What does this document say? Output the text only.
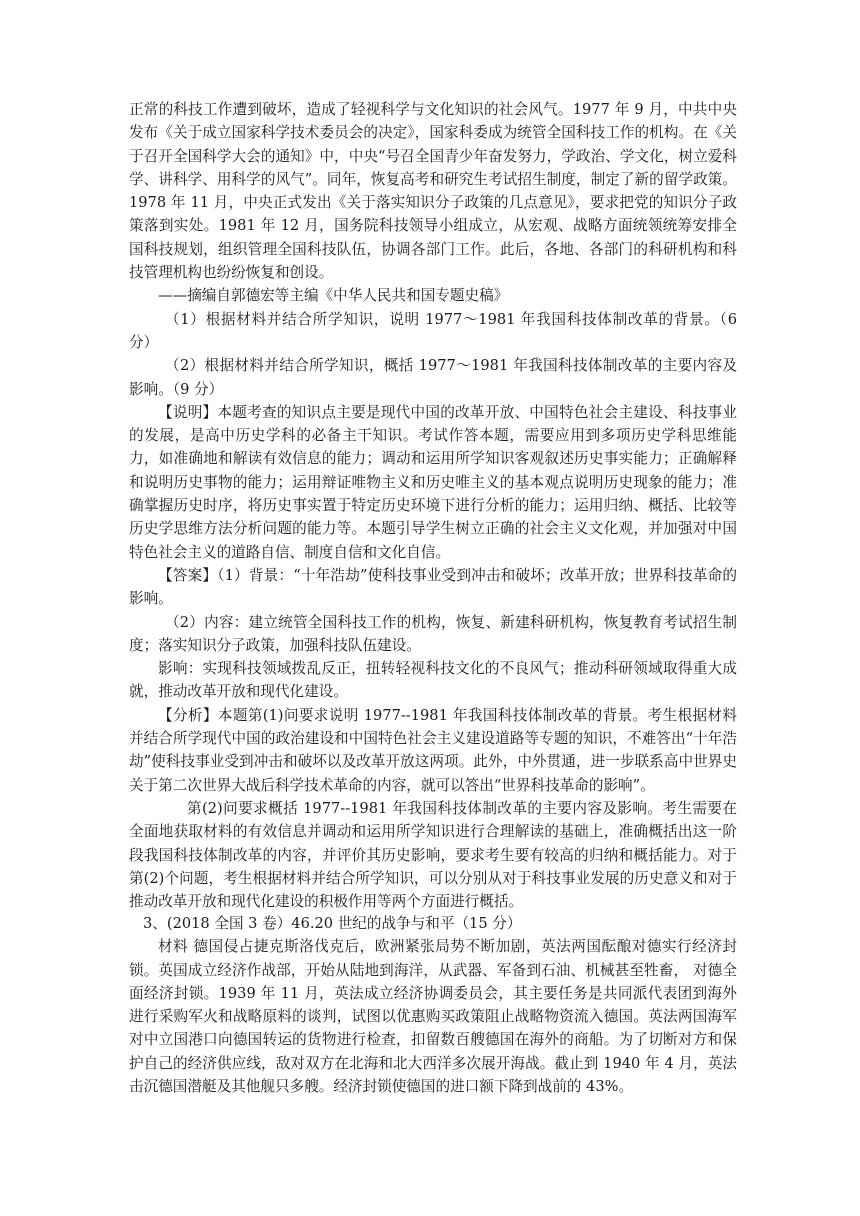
正常的科技工作遭到破坏，造成了轻视科学与文化知识的社会风气。1977 年 9 月，中共中央发布《关于成立国家科学技术委员会的决定》，国家科委成为统管全国科技工作的机构。在《关于召开全国科学大会的通知》中，中央“号召全国青少年奋发努力，学政治、学文化，树立爱科学、讲科学、用科学的风气”。同年，恢复高考和研究生考试招生制度，制定了新的留学政策。1978 年 11 月，中央正式发出《关于落实知识分子政策的几点意见》，要求把党的知识分子政策落到实处。1981 年 12 月，国务院科技领导小组成立，从宏观、战略方面统领统筹安排全国科技规划，组织管理全国科技队伍，协调各部门工作。此后，各地、各部门的科研机构和科技管理机构也纷纷恢复和创设。

——摘编自郭德宏等主编《中华人民共和国专题史稿》

（1）根据材料并结合所学知识，说明 1977～1981 年我国科技体制改革的背景。（6 分）

（2）根据材料并结合所学知识，概括 1977～1981 年我国科技体制改革的主要内容及影响。（9 分）

【说明】本题考查的知识点主要是现代中国的改革开放、中国特色社会主建设、科技事业的发展，是高中历史学科的必备主干知识。考试作答本题，需要应用到多项历史学科思维能力，如准确地和解读有效信息的能力；调动和运用所学知识客观叙述历史事实能力；正确解释和说明历史事物的能力；运用辩证唯物主义和历史唯主义的基本观点说明历史现象的能力；准确掌握历史时序，将历史事实置于特定历史环境下进行分析的能力；运用归纳、概括、比较等历史学思维方法分析问题的能力等。本题引导学生树立正确的社会主义文化观，并加强对中国特色社会主义的道路自信、制度自信和文化自信。

【答案】（1）背景：“十年浩劫”使科技事业受到冲击和破坏；改革开放；世界科技革命的影响。

（2）内容：建立统管全国科技工作的机构，恢复、新建科研机构，恢复教育考试招生制度；落实知识分子政策，加强科技队伍建设。

影响：实现科技领域拨乱反正，扭转轻视科技文化的不良风气；推动科研领域取得重大成就，推动改革开放和现代化建设。

【分析】本题第(1)问要求说明 1977--1981 年我国科技体制改革的背景。考生根据材料并结合所学现代中国的政治建设和中国特色社会主义建设道路等专题的知识，不难答出“十年浩劫”使科技事业受到冲击和破坏以及改革开放这两项。此外，中外贯通，进一步联系高中世界史关于第二次世界大战后科学技术革命的内容，就可以答出“世界科技革命的影响”。

第(2)问要求概括 1977--1981 年我国科技体制改革的主要内容及影响。考生需要在全面地获取材料的有效信息并调动和运用所学知识进行合理解读的基础上，准确概括出这一阶段我国科技体制改革的内容，并评价其历史影响，要求考生要有较高的归纳和概括能力。对于第(2)个问题，考生根据材料并结合所学知识，可以分别从对于科技事业发展的历史意义和对于推动改革开放和现代化建设的积极作用等两个方面进行概括。

3、(2018 全国 3 卷）46.20 世纪的战争与和平（15 分）

材料 德国侵占捷克斯洛伐克后，欧洲紧张局势不断加剧，英法两国酝酿对德实行经济封锁。英国成立经济作战部，开始从陆地到海洋，从武器、军备到石油、机械甚至牲畜， 对德全面经济封锁。1939 年 11 月，英法成立经济协调委员会，其主要任务是共同派代表团到海外进行采购军火和战略原料的谈判，试图以优惠购买政策阻止战略物资流入德国。英法两国海军对中立国港口向德国转运的货物进行检查，扣留数百艘德国在海外的商船。为了切断对方和保护自己的经济供应线，敌对双方在北海和北大西洋多次展开海战。截止到 1940 年 4 月，英法击沉德国潜艇及其他舰只多艘。经济封锁使德国的进口额下降到战前的 43%。
